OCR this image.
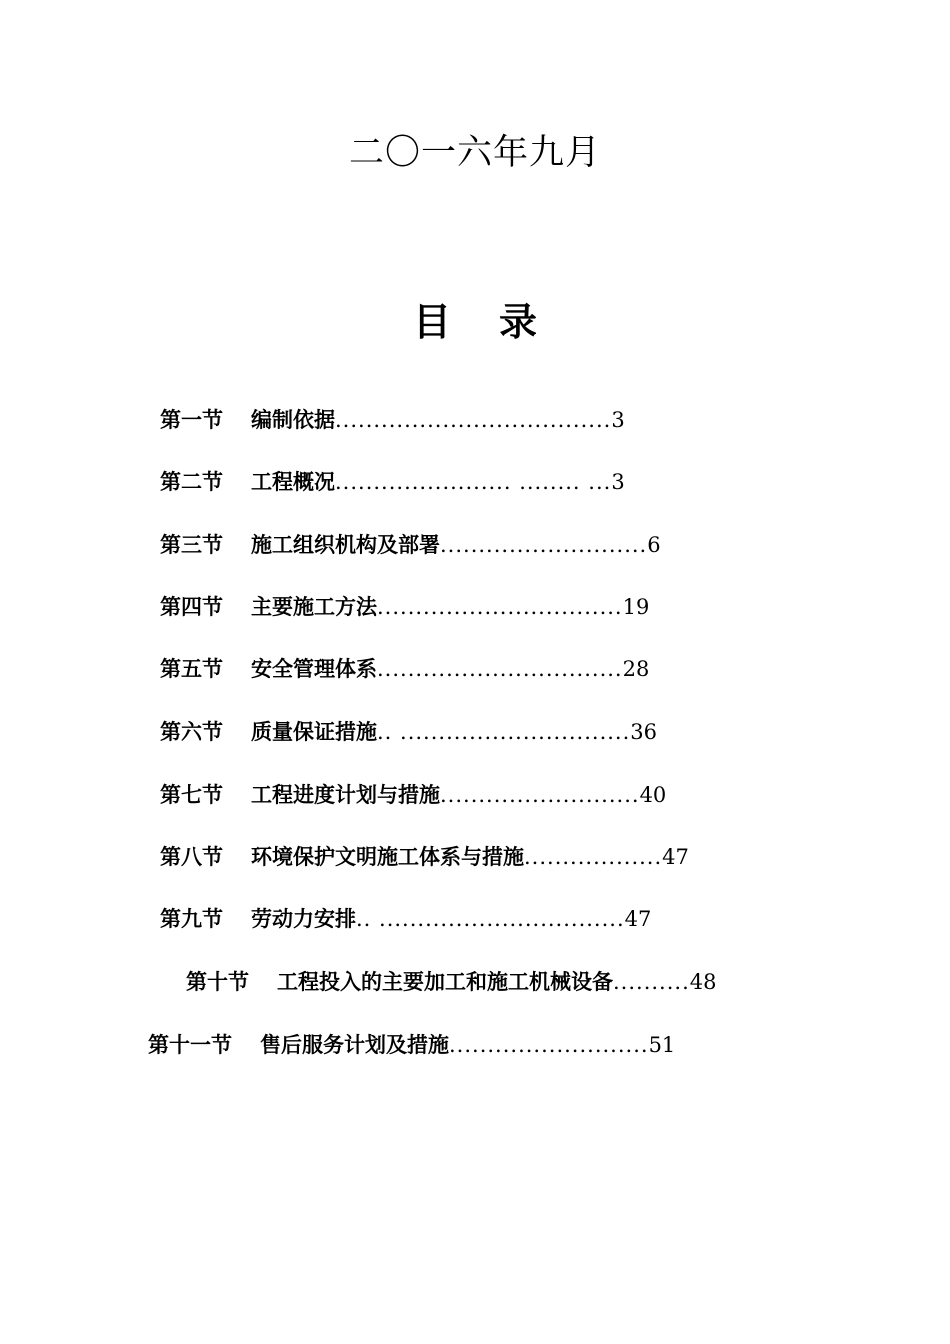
二〇一六年九月
目 录
第一节 编制依据....................................3
第二节 工程概况....................... ........ ...3
第三节 施工组织机构及部署...........................6
第四节 主要施工方法................................19
第五节 安全管理体系................................28
第六节 质量保证措施.. ..............................36
第七节 工程进度计划与措施..........................40
第八节 环境保护文明施工体系与措施..................47
第九节 劳动力安排.. ................................47
第十节 工程投入的主要加工和施工机械设备..........48
第十一节 售后服务计划及措施..........................51
